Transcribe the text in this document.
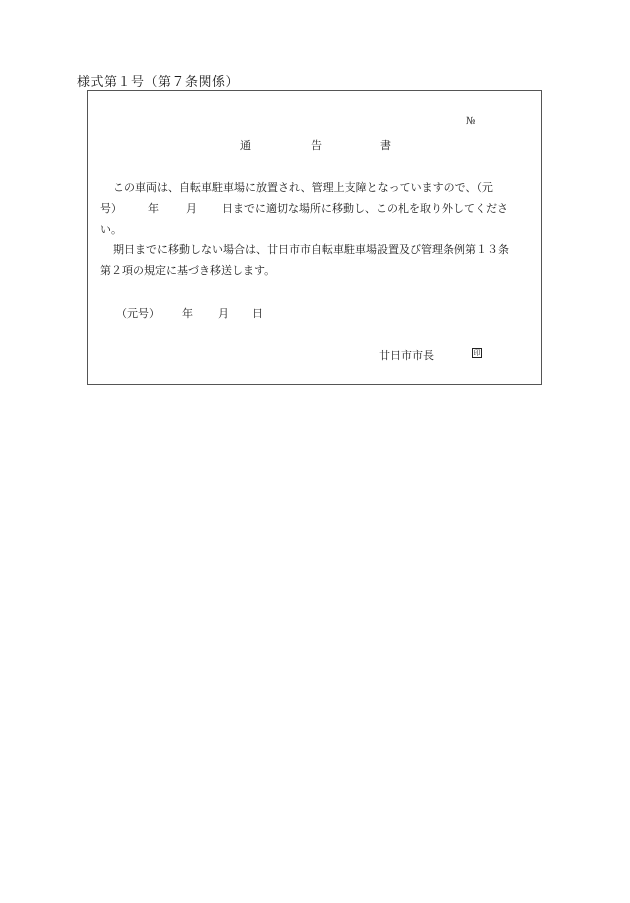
様式第１号（第７条関係）
№
通	告	書
この車両は、自転車駐車場に放置され、管理上支障となっていますので、（元
号） 年 月 日までに適切な場所に移動し、この札を取り外してくださ
い。
期日までに移動しない場合は、廿日市市自転車駐車場設置及び管理条例第１３条
第２項の規定に基づき移送します。
（元号） 年 月 日
廿日市市長	印
